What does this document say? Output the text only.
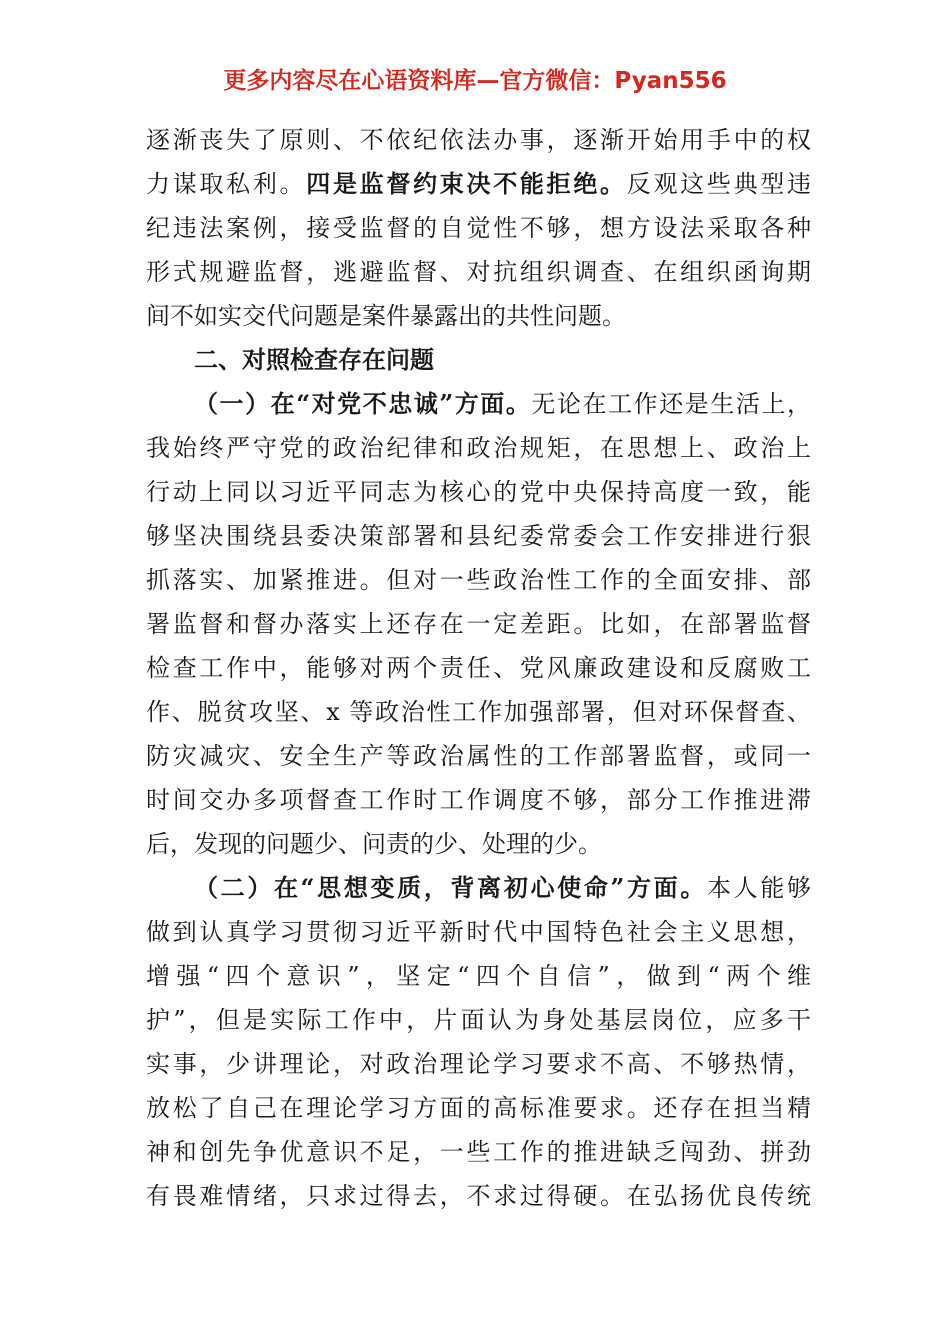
更多内容尽在心语资料库—官方微信：Pyan556
逐渐丧失了原则、不依纪依法办事，逐渐开始用手中的权
力谋取私利。四是监督约束决不能拒绝。反观这些典型违
纪违法案例，接受监督的自觉性不够，想方设法采取各种
形式规避监督，逃避监督、对抗组织调查、在组织函询期
间不如实交代问题是案件暴露出的共性问题。
二、对照检查存在问题
（一）在“对党不忠诚”方面。无论在工作还是生活上，
我始终严守党的政治纪律和政治规矩，在思想上、政治上
行动上同以习近平同志为核心的党中央保持高度一致，能
够坚决围绕县委决策部署和县纪委常委会工作安排进行狠
抓落实、加紧推进。但对一些政治性工作的全面安排、部
署监督和督办落实上还存在一定差距。比如，在部署监督
检查工作中，能够对两个责任、党风廉政建设和反腐败工
作、脱贫攻坚、x 等政治性工作加强部署，但对环保督查、
防灾减灾、安全生产等政治属性的工作部署监督，或同一
时间交办多项督查工作时工作调度不够，部分工作推进滞
后，发现的问题少、问责的少、处理的少。
（二）在“思想变质，背离初心使命”方面。本人能够
做到认真学习贯彻习近平新时代中国特色社会主义思想，
增强“四个意识”，坚定“四个自信”，做到“两个维
护”，但是实际工作中，片面认为身处基层岗位，应多干
实事，少讲理论，对政治理论学习要求不高、不够热情，
放松了自己在理论学习方面的高标准要求。还存在担当精
神和创先争优意识不足，一些工作的推进缺乏闯劲、拼劲
有畏难情绪，只求过得去，不求过得硬。在弘扬优良传统
